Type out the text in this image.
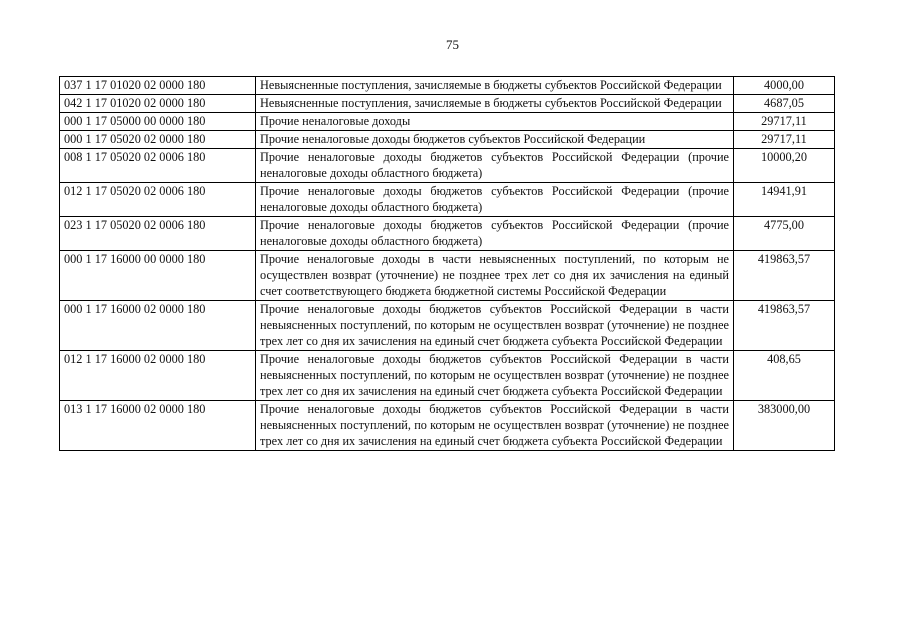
75
037 1 17 01020 02 0000 180	Невыясненные поступления, зачисляемые в бюджеты субъектов Российской Федерации	4000,00
042 1 17 01020 02 0000 180	Невыясненные поступления, зачисляемые в бюджеты субъектов Российской Федерации	4687,05
000 1 17 05000 00 0000 180	Прочие неналоговые доходы	29717,11
000 1 17 05020 02 0000 180	Прочие неналоговые доходы бюджетов субъектов Российской Федерации	29717,11
008 1 17 05020 02 0006 180	Прочие неналоговые доходы бюджетов субъектов Российской Федерации (прочие неналоговые доходы областного бюджета)	10000,20
012 1 17 05020 02 0006 180	Прочие неналоговые доходы бюджетов субъектов Российской Федерации (прочие неналоговые доходы областного бюджета)	14941,91
023 1 17 05020 02 0006 180	Прочие неналоговые доходы бюджетов субъектов Российской Федерации (прочие неналоговые доходы областного бюджета)	4775,00
000 1 17 16000 00 0000 180	Прочие неналоговые доходы в части невыясненных поступлений, по которым не осуществлен возврат (уточнение) не позднее трех лет со дня их зачисления на единый счет соответствующего бюджета бюджетной системы Российской Федерации	419863,57
000 1 17 16000 02 0000 180	Прочие неналоговые доходы бюджетов субъектов Российской Федерации в части невыясненных поступлений, по которым не осуществлен возврат (уточнение) не позднее трех лет со дня их зачисления на единый счет бюджета субъекта Российской Федерации	419863,57
012 1 17 16000 02 0000 180	Прочие неналоговые доходы бюджетов субъектов Российской Федерации в части невыясненных поступлений, по которым не осуществлен возврат (уточнение) не позднее трех лет со дня их зачисления на единый счет бюджета субъекта Российской Федерации	408,65
013 1 17 16000 02 0000 180	Прочие неналоговые доходы бюджетов субъектов Российской Федерации в части невыясненных поступлений, по которым не осуществлен возврат (уточнение) не позднее трех лет со дня их зачисления на единый счет бюджета субъекта Российской Федерации	383000,00
